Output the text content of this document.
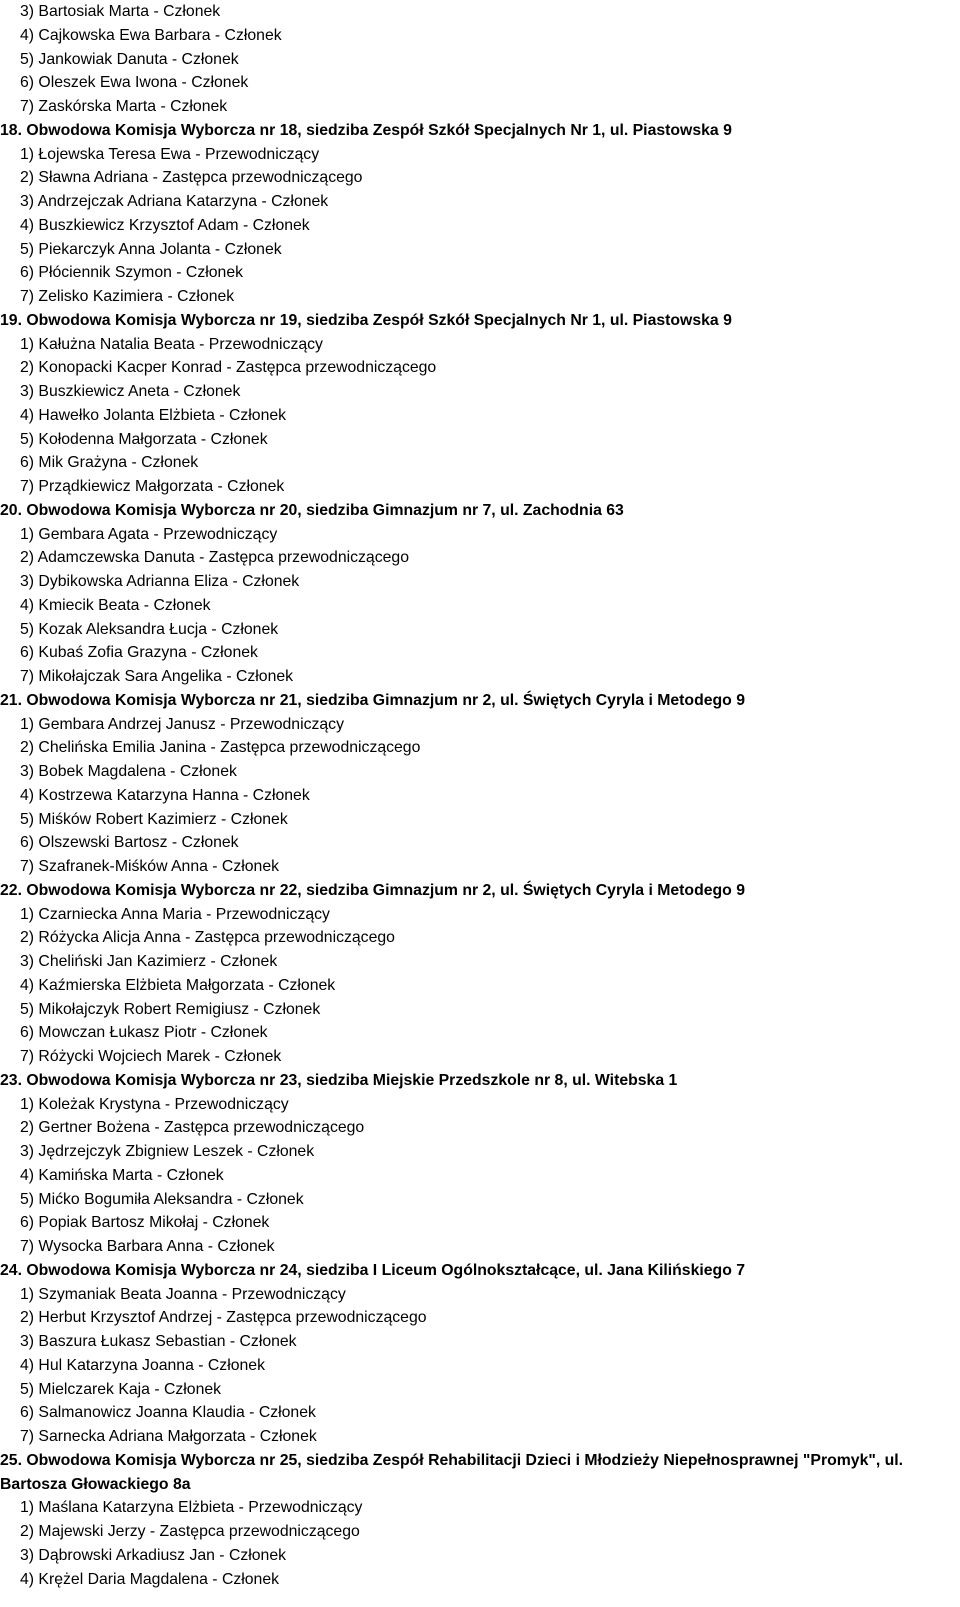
3) Bartosiak Marta - Członek
4) Cajkowska Ewa Barbara - Członek
5) Jankowiak Danuta - Członek
6) Oleszek Ewa Iwona - Członek
7) Zaskórska Marta - Członek
18. Obwodowa Komisja Wyborcza nr 18, siedziba Zespół Szkół Specjalnych Nr 1, ul. Piastowska 9
1) Łojewska Teresa Ewa - Przewodniczący
2) Sławna Adriana - Zastępca przewodniczącego
3) Andrzejczak Adriana Katarzyna - Członek
4) Buszkiewicz Krzysztof Adam - Członek
5) Piekarczyk Anna Jolanta - Członek
6) Płóciennik Szymon - Członek
7) Zelisko Kazimiera - Członek
19. Obwodowa Komisja Wyborcza nr 19, siedziba Zespół Szkół Specjalnych Nr 1, ul. Piastowska 9
1) Kałużna Natalia Beata - Przewodniczący
2) Konopacki Kacper Konrad - Zastępca przewodniczącego
3) Buszkiewicz Aneta - Członek
4) Hawełko Jolanta Elżbieta - Członek
5) Kołodenna Małgorzata - Członek
6) Mik Grażyna - Członek
7) Prządkiewicz Małgorzata - Członek
20. Obwodowa Komisja Wyborcza nr 20, siedziba Gimnazjum nr 7, ul. Zachodnia 63
1) Gembara Agata - Przewodniczący
2) Adamczewska Danuta - Zastępca przewodniczącego
3) Dybikowska Adrianna Eliza - Członek
4) Kmiecik Beata - Członek
5) Kozak Aleksandra Łucja - Członek
6) Kubaś Zofia Grazyna - Członek
7) Mikołajczak Sara Angelika - Członek
21. Obwodowa Komisja Wyborcza nr 21, siedziba Gimnazjum nr 2, ul. Świętych Cyryla i Metodego 9
1) Gembara Andrzej Janusz - Przewodniczący
2) Chelińska Emilia Janina - Zastępca przewodniczącego
3) Bobek Magdalena - Członek
4) Kostrzewa Katarzyna Hanna - Członek
5) Miśków Robert Kazimierz - Członek
6) Olszewski Bartosz - Członek
7) Szafranek-Miśków Anna - Członek
22. Obwodowa Komisja Wyborcza nr 22, siedziba Gimnazjum nr 2, ul. Świętych Cyryla i Metodego 9
1) Czarniecka Anna Maria - Przewodniczący
2) Różycka Alicja Anna - Zastępca przewodniczącego
3) Cheliński Jan Kazimierz - Członek
4) Kaźmierska Elżbieta Małgorzata - Członek
5) Mikołajczyk Robert Remigiusz - Członek
6) Mowczan Łukasz Piotr - Członek
7) Różycki Wojciech Marek - Członek
23. Obwodowa Komisja Wyborcza nr 23, siedziba Miejskie Przedszkole nr 8, ul. Witebska 1
1) Koleżak Krystyna - Przewodniczący
2) Gertner Bożena - Zastępca przewodniczącego
3) Jędrzejczyk Zbigniew Leszek - Członek
4) Kamińska Marta - Członek
5) Mićko Bogumiła Aleksandra - Członek
6) Popiak Bartosz Mikołaj - Członek
7) Wysocka Barbara Anna - Członek
24. Obwodowa Komisja Wyborcza nr 24, siedziba I Liceum Ogólnokształcące, ul. Jana Kilińskiego 7
1) Szymaniak Beata Joanna - Przewodniczący
2) Herbut Krzysztof Andrzej - Zastępca przewodniczącego
3) Baszura Łukasz Sebastian - Członek
4) Hul Katarzyna Joanna - Członek
5) Mielczarek Kaja - Członek
6) Salmanowicz Joanna Klaudia - Członek
7) Sarnecka Adriana Małgorzata - Członek
25. Obwodowa Komisja Wyborcza nr 25, siedziba Zespół Rehabilitacji Dzieci i Młodzieży Niepełnosprawnej "Promyk", ul. Bartosza Głowackiego 8a
1) Maślana Katarzyna Elżbieta - Przewodniczący
2) Majewski Jerzy - Zastępca przewodniczącego
3) Dąbrowski Arkadiusz Jan - Członek
4) Krężel Daria Magdalena - Członek
